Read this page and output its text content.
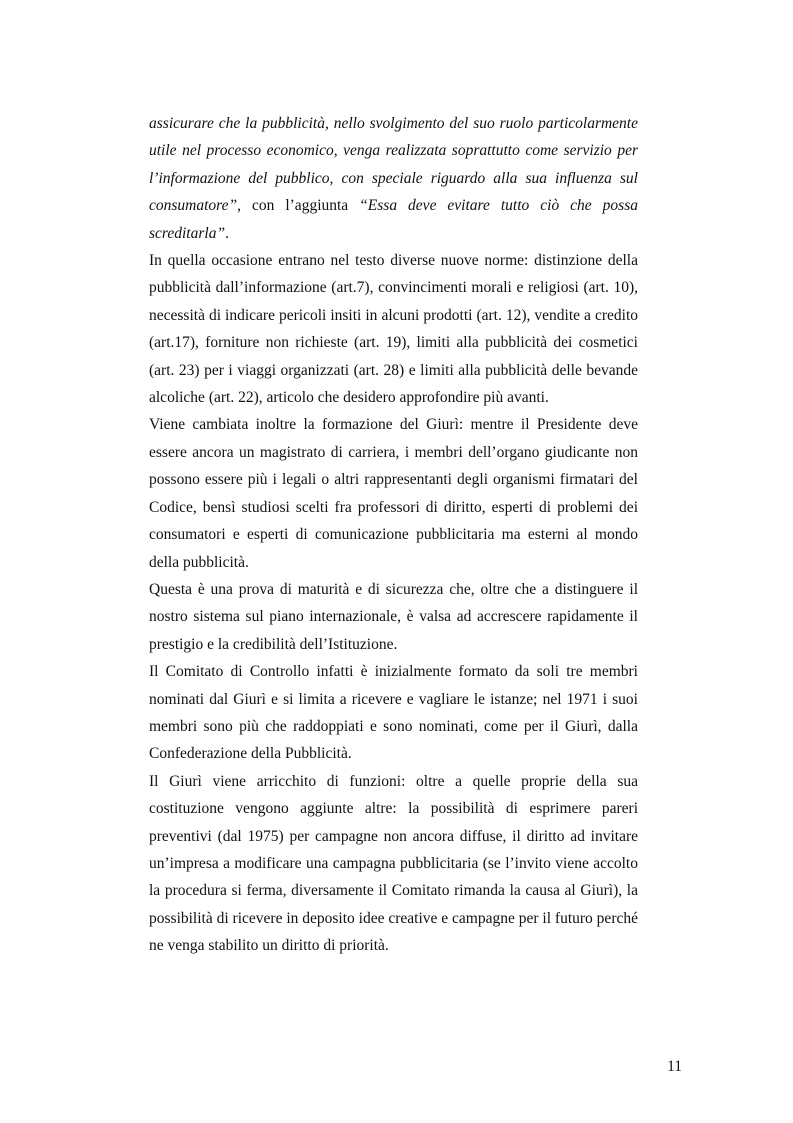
assicurare che la pubblicità, nello svolgimento del suo ruolo particolarmente utile nel processo economico, venga realizzata soprattutto come servizio per l’informazione del pubblico, con speciale riguardo alla sua influenza sul consumatore”, con l’aggiunta “Essa deve evitare tutto ciò che possa screditarla”.

In quella occasione entrano nel testo diverse nuove norme: distinzione della pubblicità dall’informazione (art.7), convincimenti morali e religiosi (art. 10), necessità di indicare pericoli insiti in alcuni prodotti (art. 12), vendite a credito (art.17), forniture non richieste (art. 19), limiti alla pubblicità dei cosmetici (art. 23) per i viaggi organizzati (art. 28) e limiti alla pubblicità delle bevande alcoliche (art. 22), articolo che desidero approfondire più avanti.

Viene cambiata inoltre la formazione del Giurì: mentre il Presidente deve essere ancora un magistrato di carriera, i membri dell’organo giudicante non possono essere più i legali o altri rappresentanti degli organismi firmatari del Codice, bensì studiosi scelti fra professori di diritto, esperti di problemi dei consumatori e esperti di comunicazione pubblicitaria ma esterni al mondo della pubblicità.

Questa è una prova di maturità e di sicurezza che, oltre che a distinguere il nostro sistema sul piano internazionale, è valsa ad accrescere rapidamente il prestigio e la credibilità dell’Istituzione.

Il Comitato di Controllo infatti è inizialmente formato da soli tre membri nominati dal Giurì e si limita a ricevere e vagliare le istanze; nel 1971 i suoi membri sono più che raddoppiati e sono nominati, come per il Giurì, dalla Confederazione della Pubblicità.

Il Giurì viene arricchito di funzioni: oltre a quelle proprie della sua costituzione vengono aggiunte altre: la possibilità di esprimere pareri preventivi (dal 1975) per campagne non ancora diffuse, il diritto ad invitare un’impresa a modificare una campagna pubblicitaria (se l’invito viene accolto la procedura si ferma, diversamente il Comitato rimanda la causa al Giurì), la possibilità di ricevere in deposito idee creative e campagne per il futuro perché ne venga stabilito un diritto di priorità.

11
